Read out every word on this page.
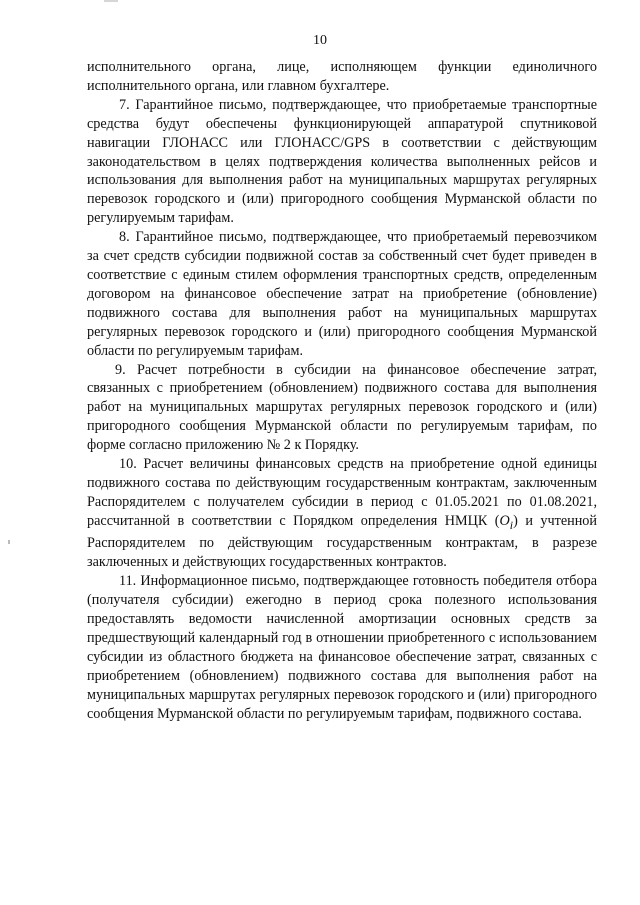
10

исполнительного органа, лице, исполняющем функции единоличного исполнительного органа, или главном бухгалтере.

7. Гарантийное письмо, подтверждающее, что приобретаемые транспортные средства будут обеспечены функционирующей аппаратурой спутниковой навигации ГЛОНАСС или ГЛОНАСС/GPS в соответствии с действующим законодательством в целях подтверждения количества выполненных рейсов и использования для выполнения работ на муниципальных маршрутах регулярных перевозок городского и (или) пригородного сообщения Мурманской области по регулируемым тарифам.

8. Гарантийное письмо, подтверждающее, что приобретаемый перевозчиком за счет средств субсидии подвижной состав за собственный счет будет приведен в соответствие с единым стилем оформления транспортных средств, определенным договором на финансовое обеспечение затрат на приобретение (обновление) подвижного состава для выполнения работ на муниципальных маршрутах регулярных перевозок городского и (или) пригородного сообщения Мурманской области по регулируемым тарифам.

9. Расчет потребности в субсидии на финансовое обеспечение затрат, связанных с приобретением (обновлением) подвижного состава для выполнения работ на муниципальных маршрутах регулярных перевозок городского и (или) пригородного сообщения Мурманской области по регулируемым тарифам, по форме согласно приложению № 2 к Порядку.

10. Расчет величины финансовых средств на приобретение одной единицы подвижного состава по действующим государственным контрактам, заключенным Распорядителем с получателем субсидии в период с 01.05.2021 по 01.08.2021, рассчитанной в соответствии с Порядком определения НМЦК $(O_i)$ и учтенной Распорядителем по действующим государственным контрактам, в разрезе заключенных и действующих государственных контрактов.

11. Информационное письмо, подтверждающее готовность победителя отбора (получателя субсидии) ежегодно в период срока полезного использования предоставлять ведомости начисленной амортизации основных средств за предшествующий календарный год в отношении приобретенного с использованием субсидии из областного бюджета на финансовое обеспечение затрат, связанных с приобретением (обновлением) подвижного состава для выполнения работ на муниципальных маршрутах регулярных перевозок городского и (или) пригородного сообщения Мурманской области по регулируемым тарифам, подвижного состава.
